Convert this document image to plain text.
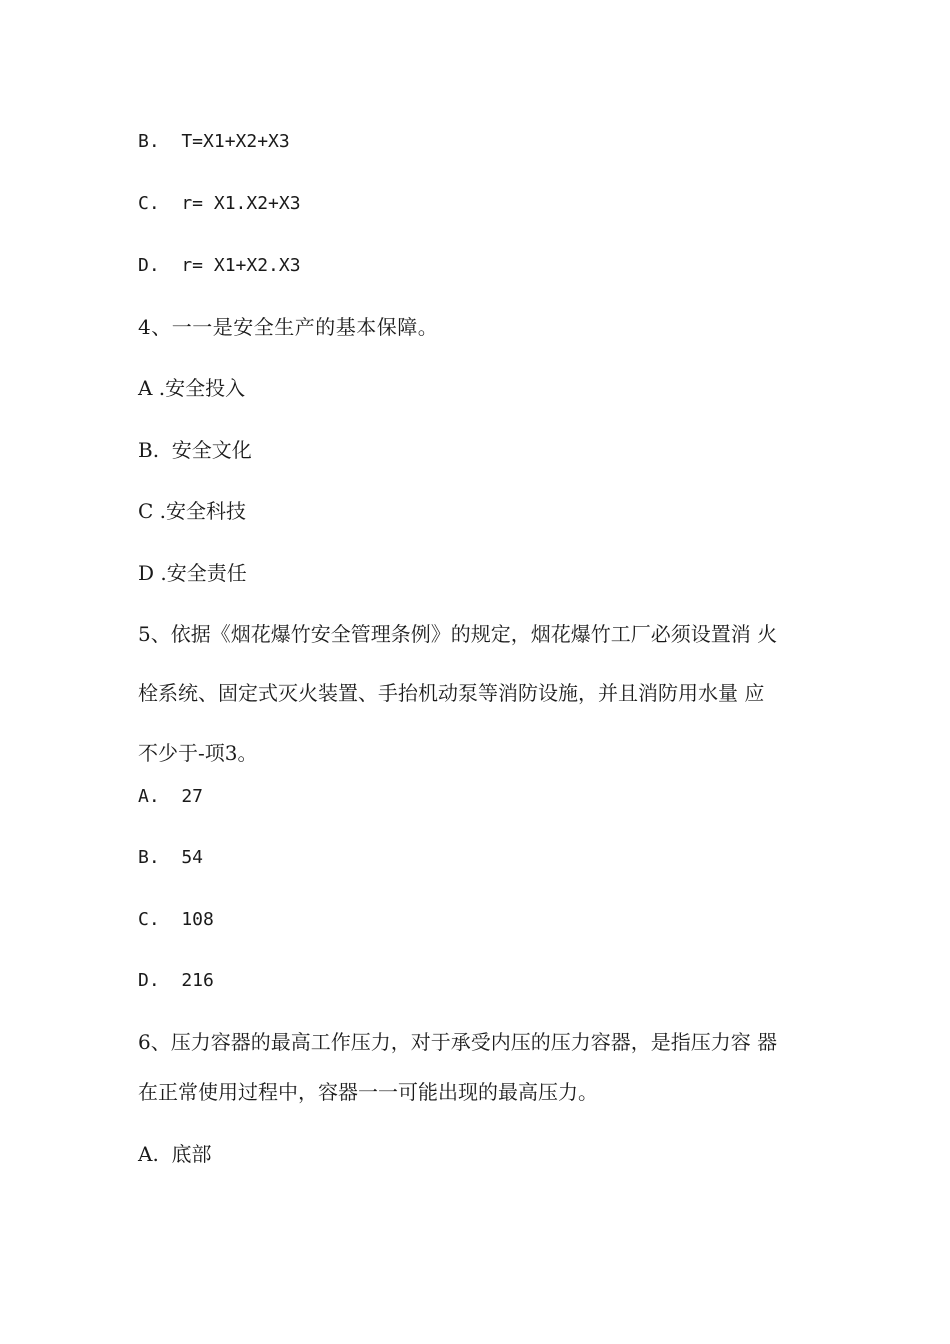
B.  T=X1+X2+X3
C.  r= X1.X2+X3
D.  r= X1+X2.X3
4、一一是安全生产的基本保障。
A .安全投入
B.  安全文化
C .安全科技
D .安全责任
5、依据《烟花爆竹安全管理条例》的规定，烟花爆竹工厂必须设置消 火
栓系统、固定式灭火装置、手抬机动泵等消防设施，并且消防用水量 应
不少于-项3。
A.  27
B.  54
C.  108
D.  216
6、压力容器的最高工作压力，对于承受内压的压力容器，是指压力容 器
在正常使用过程中，容器一一可能出现的最高压力。
A.  底部
